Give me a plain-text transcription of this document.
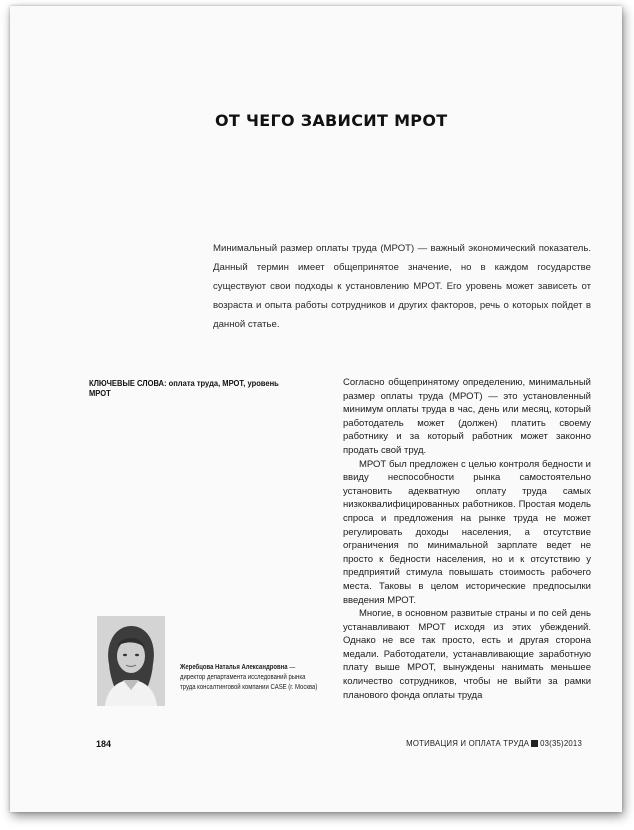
ОТ ЧЕГО ЗАВИСИТ МРОТ

Минимальный размер оплаты труда (МРОТ) — важный экономический показатель. Данный термин имеет общепринятое значение, но в каждом государстве существуют свои подходы к установлению МРОТ. Его уровень может зависеть от возраста и опыта работы сотрудников и других факторов, речь о которых пойдет в данной статье.

КЛЮЧЕВЫЕ СЛОВА: оплата труда, МРОТ, уровень МРОТ

Согласно общепринятому определению, минимальный размер оплаты труда (МРОТ) — это установленный минимум оплаты труда в час, день или месяц, который работодатель может (должен) платить своему работнику и за который работник может законно продать свой труд.

МРОТ был предложен с целью контроля бедности и ввиду неспособности рынка самостоятельно установить адекватную оплату труда самых низкоквалифицированных работников. Простая модель спроса и предложения на рынке труда не может регулировать доходы населения, а отсутствие ограничения по минимальной зарплате ведет не просто к бедности населения, но и к отсутствию у предприятий стимула повышать стоимость рабочего места. Таковы в целом исторические предпосылки введения МРОТ.

Многие, в основном развитые страны и по сей день устанавливают МРОТ исходя из этих убеждений. Однако не все так просто, есть и другая сторона медали. Работодатели, устанавливающие заработную плату выше МРОТ, вынуждены нанимать меньшее количество сотрудников, чтобы не выйти за рамки планового фонда оплаты труда

Жеребцова Наталья Александровна — директор департамента исследований рынка труда консалтинговой компании CASE (г. Москва)
184	МОТИВАЦИЯ И ОПЛАТА ТРУДА 03(35)2013
